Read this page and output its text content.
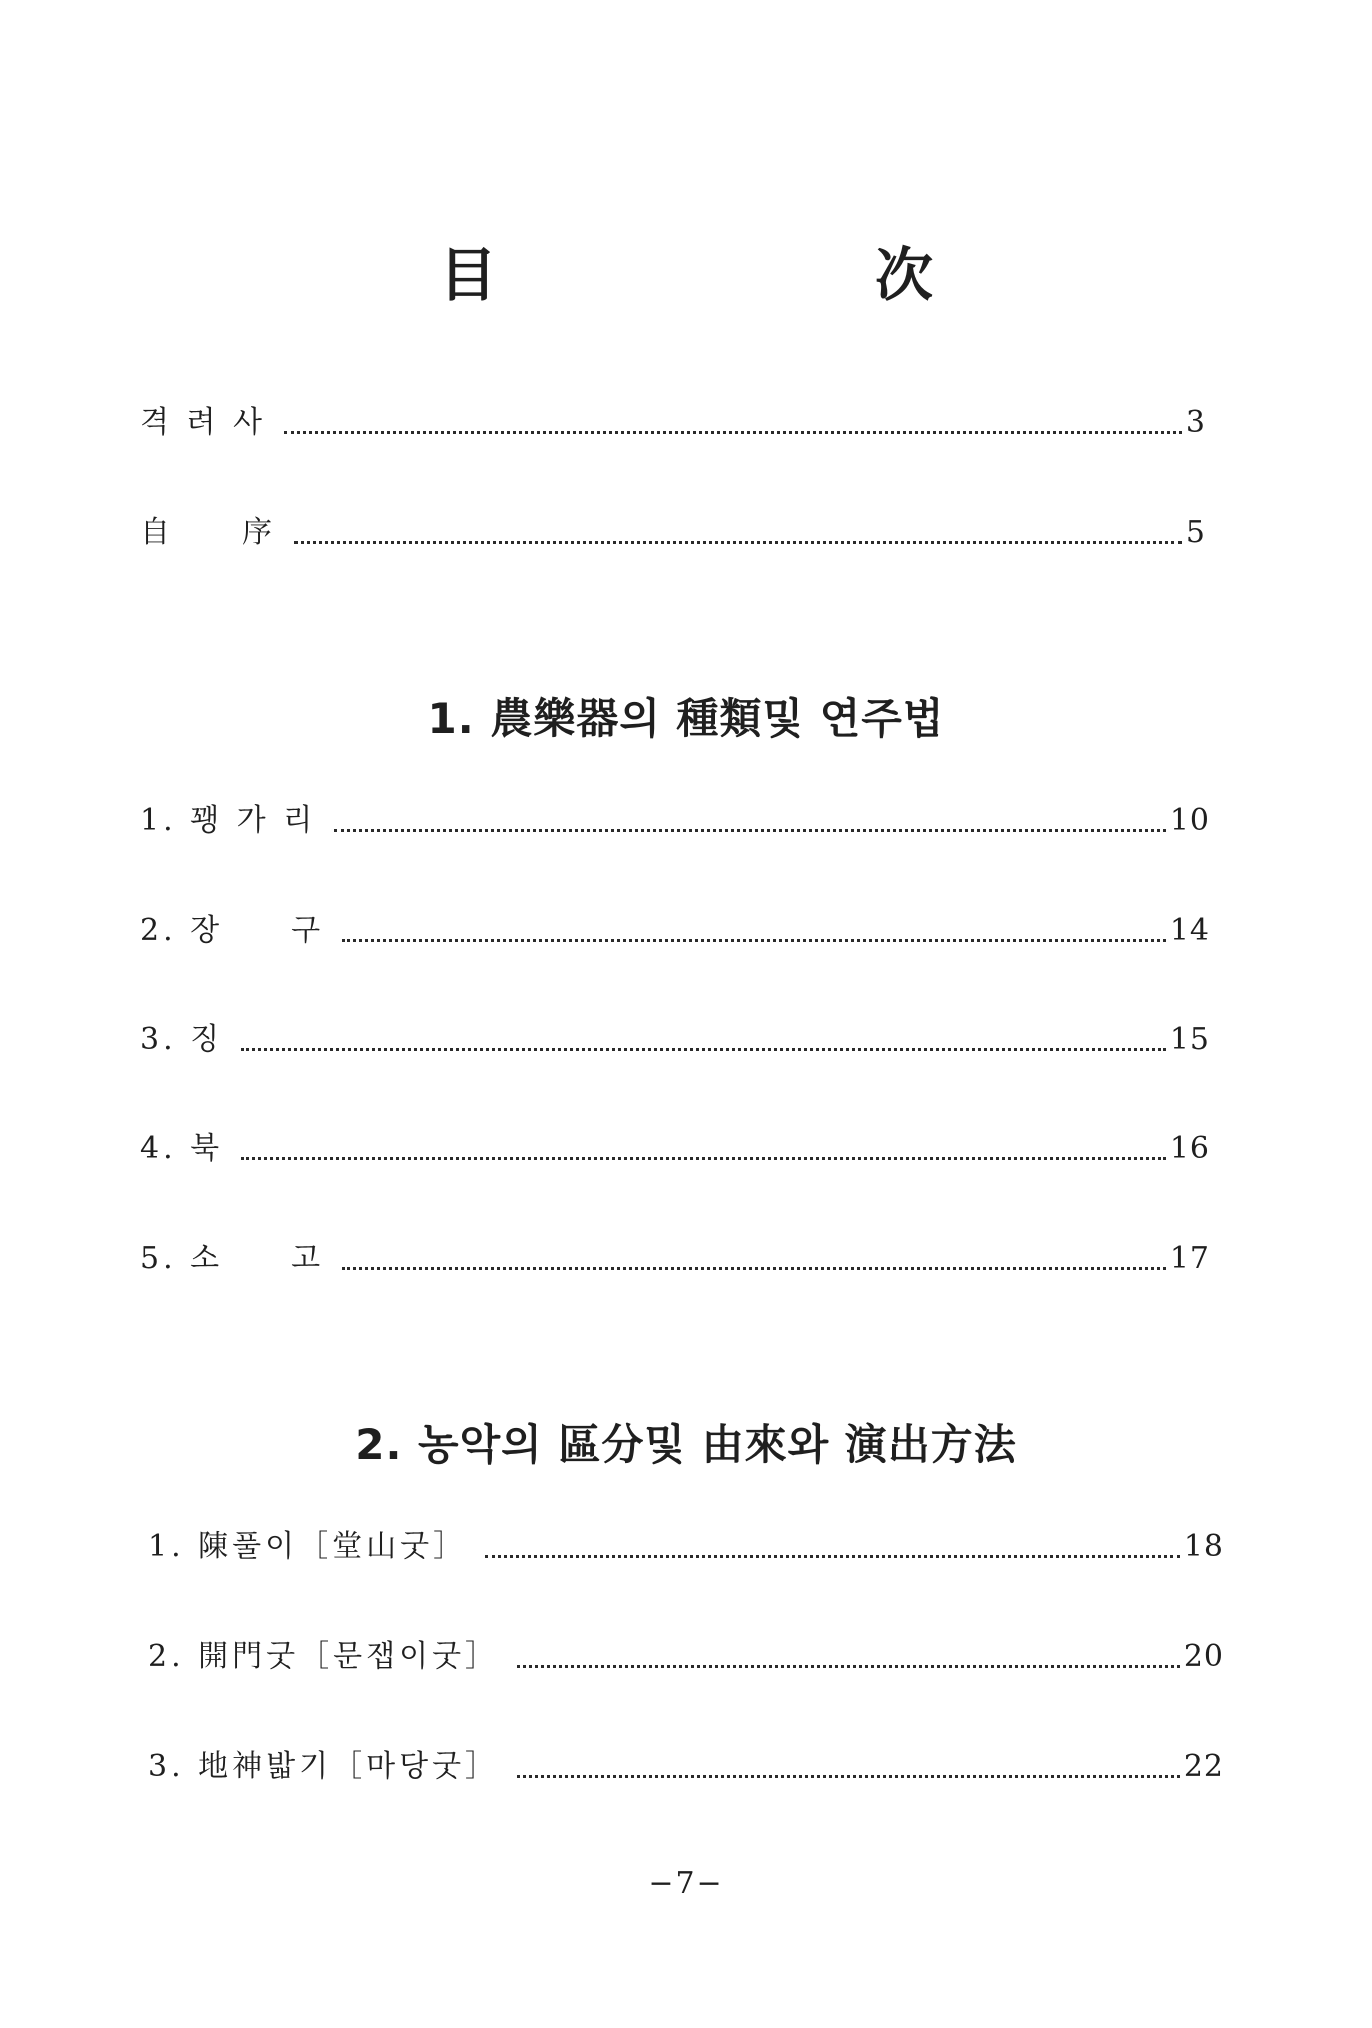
目　次
격 려 사	3
自　　序	5
1. 農樂器의 種類및 연주법
1. 꽹 가 리	10
2. 장　　구	14
3. 징	15
4. 북	16
5. 소　　고	17
2. 농악의 區分및 由來와 演出方法
1. 陳풀이［堂山굿］	18
2. 開門굿［문잽이굿］	20
3. 地神밟기［마당굿］	22
−7−
